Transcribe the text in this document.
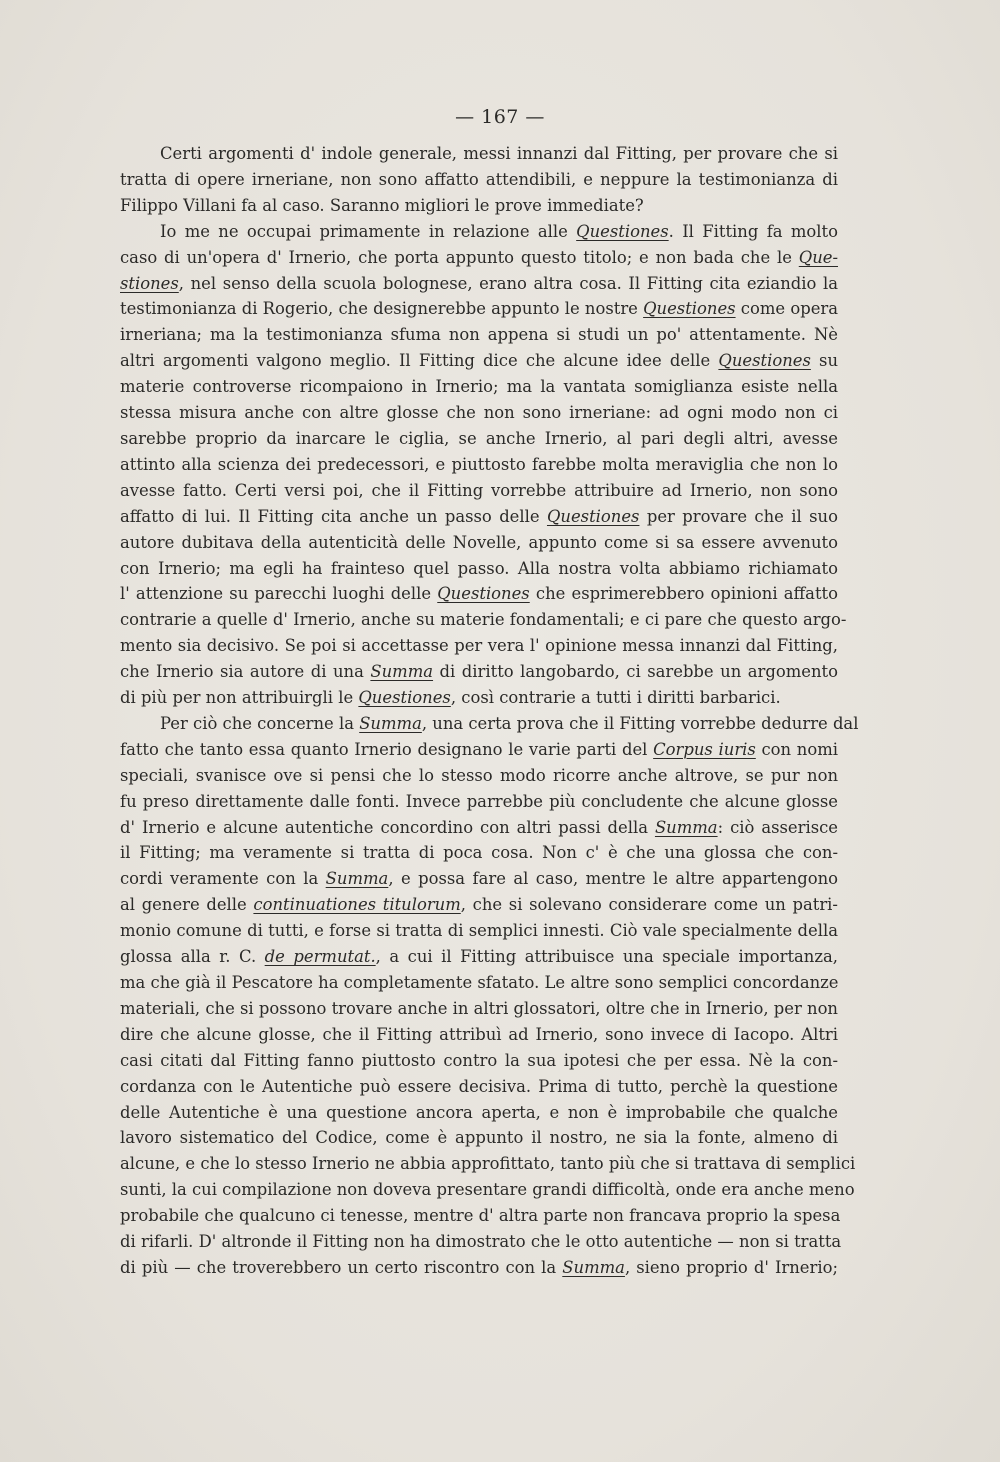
— 167 —
Certi argomenti d' indole generale, messi innanzi dal Fitting, per provare che si
tratta di opere irneriane, non sono affatto attendibili, e neppure la testimonianza di
Filippo Villani fa al caso. Saranno migliori le prove immediate?
Io me ne occupai primamente in relazione alle Questiones. Il Fitting fa molto
caso di un'opera d' Irnerio, che porta appunto questo titolo; e non bada che le Que-
stiones, nel senso della scuola bolognese, erano altra cosa. Il Fitting cita eziandio la
testimonianza di Rogerio, che designerebbe appunto le nostre Questiones come opera
irneriana; ma la testimonianza sfuma non appena si studi un po' attentamente. Nè
altri argomenti valgono meglio. Il Fitting dice che alcune idee delle Questiones su
materie controverse ricompaiono in Irnerio; ma la vantata somiglianza esiste nella
stessa misura anche con altre glosse che non sono irneriane: ad ogni modo non ci
sarebbe proprio da inarcare le ciglia, se anche Irnerio, al pari degli altri, avesse
attinto alla scienza dei predecessori, e piuttosto farebbe molta meraviglia che non lo
avesse fatto. Certi versi poi, che il Fitting vorrebbe attribuire ad Irnerio, non sono
affatto di lui. Il Fitting cita anche un passo delle Questiones per provare che il suo
autore dubitava della autenticità delle Novelle, appunto come si sa essere avvenuto
con Irnerio; ma egli ha frainteso quel passo. Alla nostra volta abbiamo richiamato
l' attenzione su parecchi luoghi delle Questiones che esprimerebbero opinioni affatto
contrarie a quelle d' Irnerio, anche su materie fondamentali; e ci pare che questo argo-
mento sia decisivo. Se poi si accettasse per vera l' opinione messa innanzi dal Fitting,
che Irnerio sia autore di una Summa di diritto langobardo, ci sarebbe un argomento
di più per non attribuirgli le Questiones, così contrarie a tutti i diritti barbarici.
Per ciò che concerne la Summa, una certa prova che il Fitting vorrebbe dedurre dal
fatto che tanto essa quanto Irnerio designano le varie parti del Corpus iuris con nomi
speciali, svanisce ove si pensi che lo stesso modo ricorre anche altrove, se pur non
fu preso direttamente dalle fonti. Invece parrebbe più concludente che alcune glosse
d' Irnerio e alcune autentiche concordino con altri passi della Summa: ciò asserisce
il Fitting; ma veramente si tratta di poca cosa. Non c' è che una glossa che con-
cordi veramente con la Summa, e possa fare al caso, mentre le altre appartengono
al genere delle continuationes titulorum, che si solevano considerare come un patri-
monio comune di tutti, e forse si tratta di semplici innesti. Ciò vale specialmente della
glossa alla r. C. de permutat., a cui il Fitting attribuisce una speciale importanza,
ma che già il Pescatore ha completamente sfatato. Le altre sono semplici concordanze
materiali, che si possono trovare anche in altri glossatori, oltre che in Irnerio, per non
dire che alcune glosse, che il Fitting attribuì ad Irnerio, sono invece di Iacopo. Altri
casi citati dal Fitting fanno piuttosto contro la sua ipotesi che per essa. Nè la con-
cordanza con le Autentiche può essere decisiva. Prima di tutto, perchè la questione
delle Autentiche è una questione ancora aperta, e non è improbabile che qualche
lavoro sistematico del Codice, come è appunto il nostro, ne sia la fonte, almeno di
alcune, e che lo stesso Irnerio ne abbia approfittato, tanto più che si trattava di semplici
sunti, la cui compilazione non doveva presentare grandi difficoltà, onde era anche meno
probabile che qualcuno ci tenesse, mentre d' altra parte non francava proprio la spesa
di rifarli. D' altronde il Fitting non ha dimostrato che le otto autentiche — non si tratta
di più — che troverebbero un certo riscontro con la Summa, sieno proprio d' Irnerio;
